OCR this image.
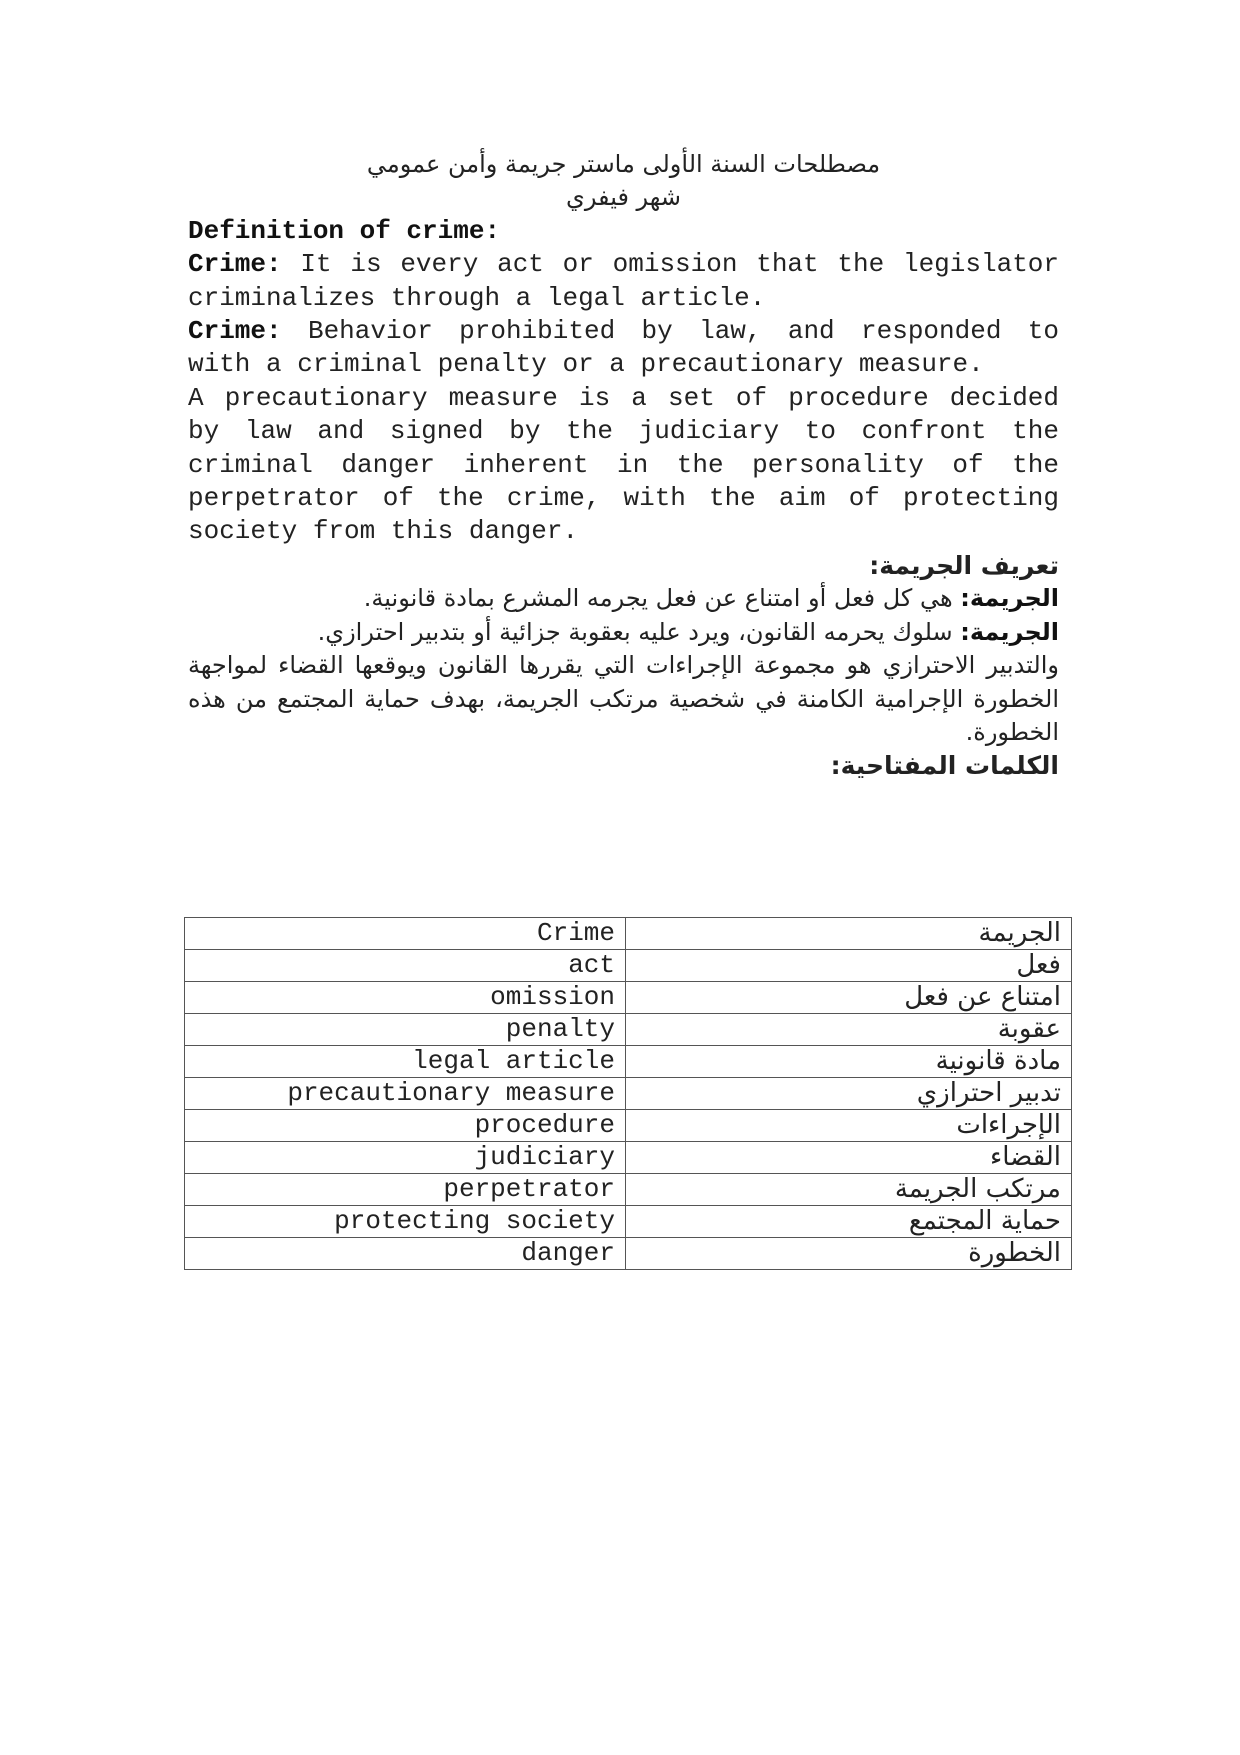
مصطلحات السنة الأولى ماستر جريمة وأمن عمومي
شهر فيفري
Definition of crime:
Crime: It is every act or omission that the legislator criminalizes through a legal article.
Crime: Behavior prohibited by law, and responded to with a criminal penalty or a precautionary measure.
A precautionary measure is a set of procedure decided by law and signed by the judiciary to confront the criminal danger inherent in the personality of the perpetrator of the crime, with the aim of protecting society from this danger.
تعريف الجريمة:
الجريمة: هي كل فعل أو امتناع عن فعل يجرمه المشرع بمادة قانونية.
الجريمة: سلوك يحرمه القانون، ويرد عليه بعقوبة جزائية أو بتدبير احترازي.
والتدبير الاحترازي هو مجموعة الإجراءات التي يقررها القانون ويوقعها القضاء لمواجهة الخطورة الإجرامية الكامنة في شخصية مرتكب الجريمة، بهدف حماية المجتمع من هذه الخطورة.
الكلمات المفتاحية:
Crime	الجريمة
act	فعل
omission	امتناع عن فعل
penalty	عقوبة
legal article	مادة قانونية
precautionary measure	تدبير احترازي
procedure	الإجراءات
judiciary	القضاء
perpetrator	مرتكب الجريمة
protecting society	حماية المجتمع
danger	الخطورة
